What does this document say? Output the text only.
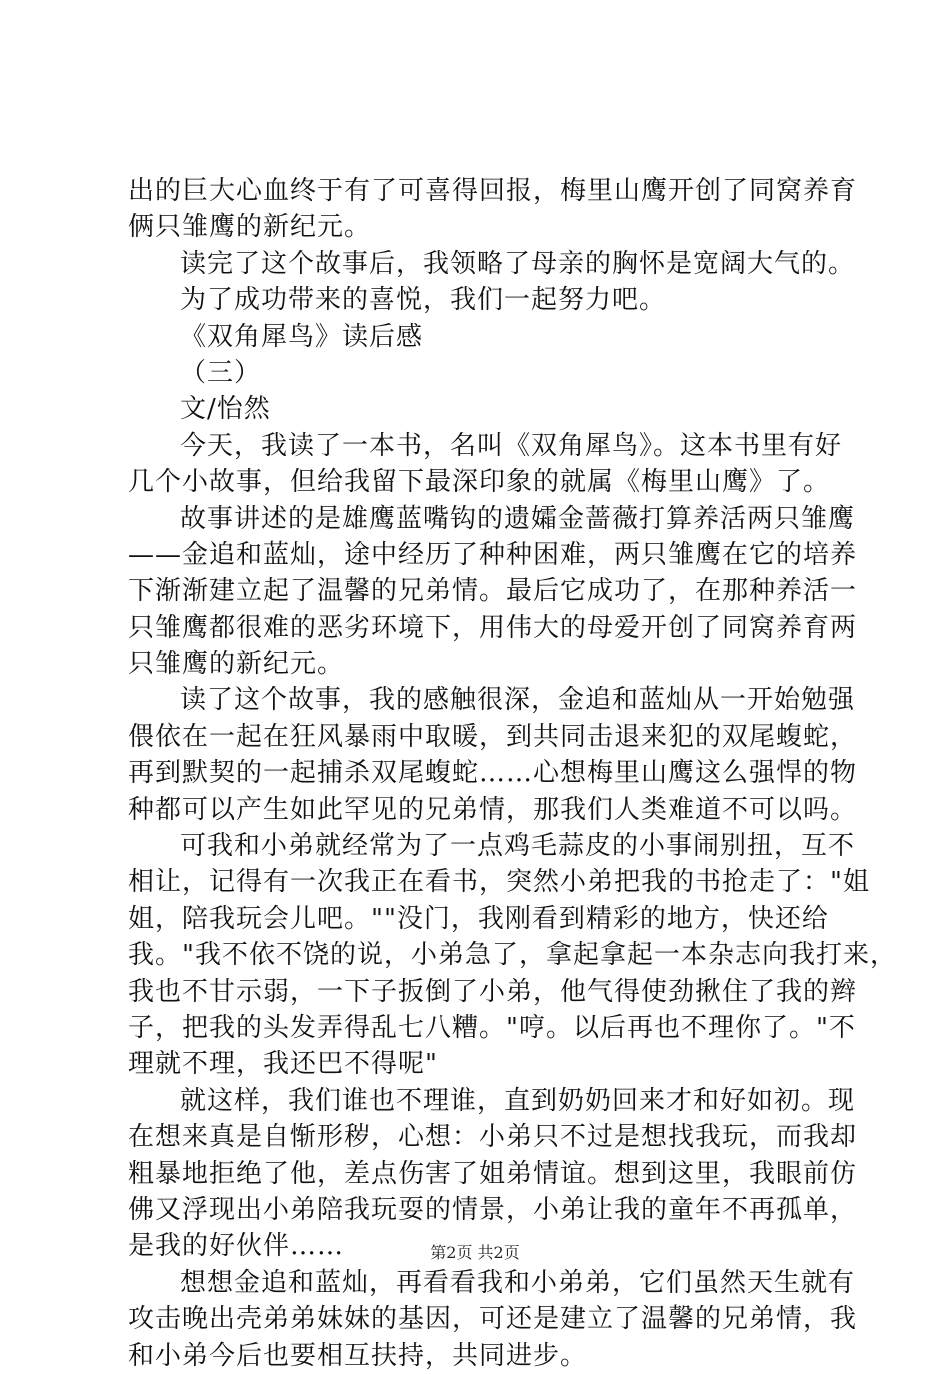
出的巨大心血终于有了可喜得回报，梅里山鹰开创了同窝养育
俩只雏鹰的新纪元。
读完了这个故事后，我领略了母亲的胸怀是宽阔大气的。
为了成功带来的喜悦，我们一起努力吧。
《双角犀鸟》读后感
（三）
文/怡然
今天，我读了一本书，名叫《双角犀鸟》。这本书里有好
几个小故事，但给我留下最深印象的就属《梅里山鹰》了。
故事讲述的是雄鹰蓝嘴钩的遗孀金蔷薇打算养活两只雏鹰
——金追和蓝灿，途中经历了种种困难，两只雏鹰在它的培养
下渐渐建立起了温馨的兄弟情。最后它成功了，在那种养活一
只雏鹰都很难的恶劣环境下，用伟大的母爱开创了同窝养育两
只雏鹰的新纪元。
读了这个故事，我的感触很深，金追和蓝灿从一开始勉强
偎依在一起在狂风暴雨中取暖，到共同击退来犯的双尾蝮蛇，
再到默契的一起捕杀双尾蝮蛇……心想梅里山鹰这么强悍的物
种都可以产生如此罕见的兄弟情，那我们人类难道不可以吗。
可我和小弟就经常为了一点鸡毛蒜皮的小事闹别扭，互不
相让，记得有一次我正在看书，突然小弟把我的书抢走了："姐
姐，陪我玩会儿吧。""没门，我刚看到精彩的地方，快还给
我。"我不依不饶的说，小弟急了，拿起拿起一本杂志向我打来，
我也不甘示弱，一下子扳倒了小弟，他气得使劲揪住了我的辫
子，把我的头发弄得乱七八糟。"哼。以后再也不理你了。"不
理就不理，我还巴不得呢"
就这样，我们谁也不理谁，直到奶奶回来才和好如初。现
在想来真是自惭形秽，心想：小弟只不过是想找我玩，而我却
粗暴地拒绝了他，差点伤害了姐弟情谊。想到这里，我眼前仿
佛又浮现出小弟陪我玩耍的情景，小弟让我的童年不再孤单，
是我的好伙伴……
想想金追和蓝灿，再看看我和小弟弟，它们虽然天生就有
攻击晚出壳弟弟妹妹的基因，可还是建立了温馨的兄弟情，我
和小弟今后也要相互扶持，共同进步。
第2页 共2页
